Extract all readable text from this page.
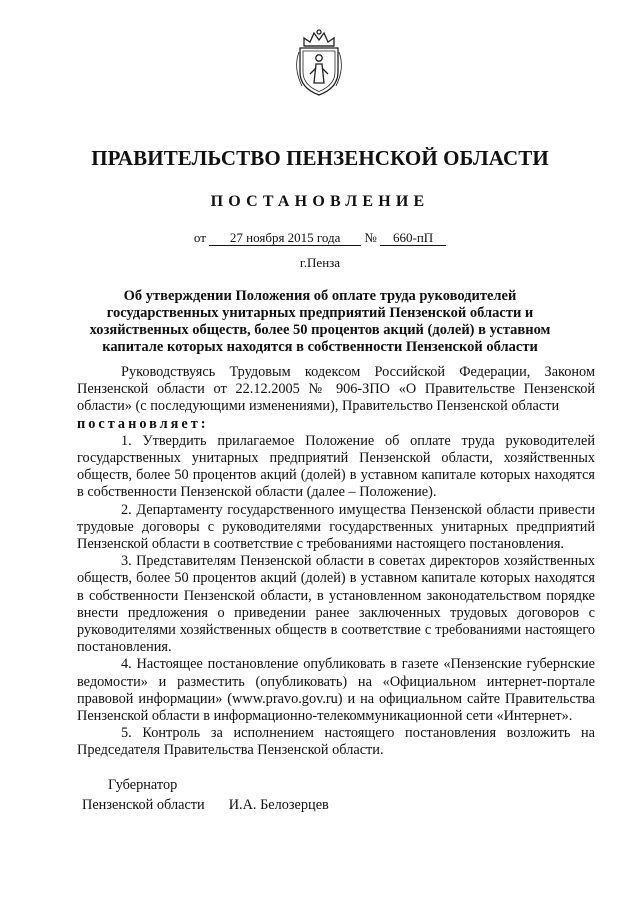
ПРАВИТЕЛЬСТВО ПЕНЗЕНСКОЙ ОБЛАСТИ
ПОСТАНОВЛЕНИЕ
от 27 ноября 2015 года № 660-пП
г.Пенза
Об утверждении Положения об оплате труда руководителей государственных унитарных предприятий Пензенской области и хозяйственных обществ, более 50 процентов акций (долей) в уставном капитале которых находятся в собственности Пензенской области

Руководствуясь Трудовым кодексом Российской Федерации, Законом Пензенской области от 22.12.2005 № 906-ЗПО «О Правительстве Пензенской области» (с последующими изменениями), Правительство Пензенской области

постановляет:

1. Утвердить прилагаемое Положение об оплате труда руководителей государственных унитарных предприятий Пензенской области, хозяйственных обществ, более 50 процентов акций (долей) в уставном капитале которых находятся в собственности Пензенской области (далее – Положение).

2. Департаменту государственного имущества Пензенской области привести трудовые договоры с руководителями государственных унитарных предприятий Пензенской области в соответствие с требованиями настоящего постановления.

3. Представителям Пензенской области в советах директоров хозяйственных обществ, более 50 процентов акций (долей) в уставном капитале которых находятся в собственности Пензенской области, в установленном законодательством порядке внести предложения о приведении ранее заключенных трудовых договоров с руководителями хозяйственных обществ в соответствие с требованиями настоящего постановления.

4. Настоящее постановление опубликовать в газете «Пензенские губернские ведомости» и разместить (опубликовать) на «Официальном интернет-портале правовой информации» (www.pravo.gov.ru) и на официальном сайте Правительства Пензенской области в информационно-телекоммуникационной сети «Интернет».

5. Контроль за исполнением настоящего постановления возложить на Председателя Правительства Пензенской области.

Губернатор
Пензенской области И.А. Белозерцев
